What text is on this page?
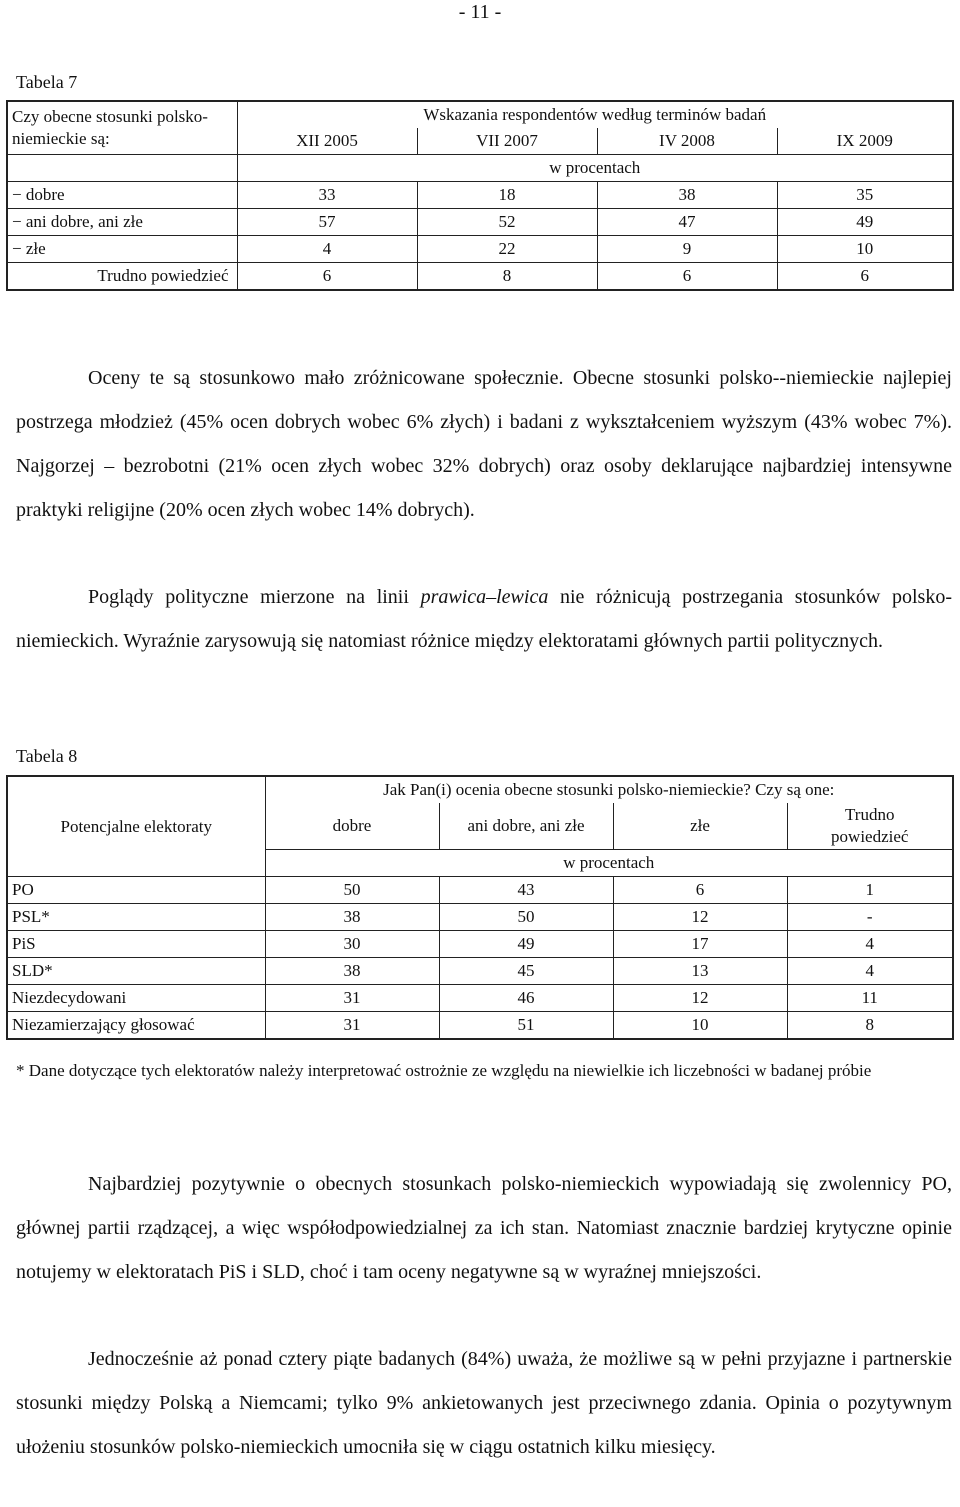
- 11 -
Tabela 7
Czy obecne stosunki polsko-niemieckie są:	Wskazania respondentów według terminów badań			
	XII 2005	VII 2007	IV 2008	IX 2009
	w procentach			
− dobre	33	18	38	35
− ani dobre, ani złe	57	52	47	49
− złe	4	22	9	10
Trudno powiedzieć	6	8	6	6
Oceny te są stosunkowo mało zróżnicowane społecznie. Obecne stosunki polsko--niemieckie najlepiej postrzega młodzież (45% ocen dobrych wobec 6% złych) i badani z wykształceniem wyższym (43% wobec 7%). Najgorzej – bezrobotni (21% ocen złych wobec 32% dobrych) oraz osoby deklarujące najbardziej intensywne praktyki religijne (20% ocen złych wobec 14% dobrych).
Poglądy polityczne mierzone na linii prawica–lewica nie różnicują postrzegania stosunków polsko-niemieckich. Wyraźnie zarysowują się natomiast różnice między elektoratami głównych partii politycznych.
Tabela 8
Potencjalne elektoraty	Jak Pan(i) ocenia obecne stosunki polsko-niemieckie? Czy są one:			
	dobre	ani dobre, ani złe	złe	Trudno powiedzieć
	w procentach			
PO	50	43	6	1
PSL*	38	50	12	-
PiS	30	49	17	4
SLD*	38	45	13	4
Niezdecydowani	31	46	12	11
Niezamierzający głosować	31	51	10	8
* Dane dotyczące tych elektoratów należy interpretować ostrożnie ze względu na niewielkie ich liczebności w badanej próbie
Najbardziej pozytywnie o obecnych stosunkach polsko-niemieckich wypowiadają się zwolennicy PO, głównej partii rządzącej, a więc współodpowiedzialnej za ich stan. Natomiast znacznie bardziej krytyczne opinie notujemy w elektoratach PiS i SLD, choć i tam oceny negatywne są w wyraźnej mniejszości.
Jednocześnie aż ponad cztery piąte badanych (84%) uważa, że możliwe są w pełni przyjazne i partnerskie stosunki między Polską a Niemcami; tylko 9% ankietowanych jest przeciwnego zdania. Opinia o pozytywnym ułożeniu stosunków polsko-niemieckich umocniła się w ciągu ostatnich kilku miesięcy.
